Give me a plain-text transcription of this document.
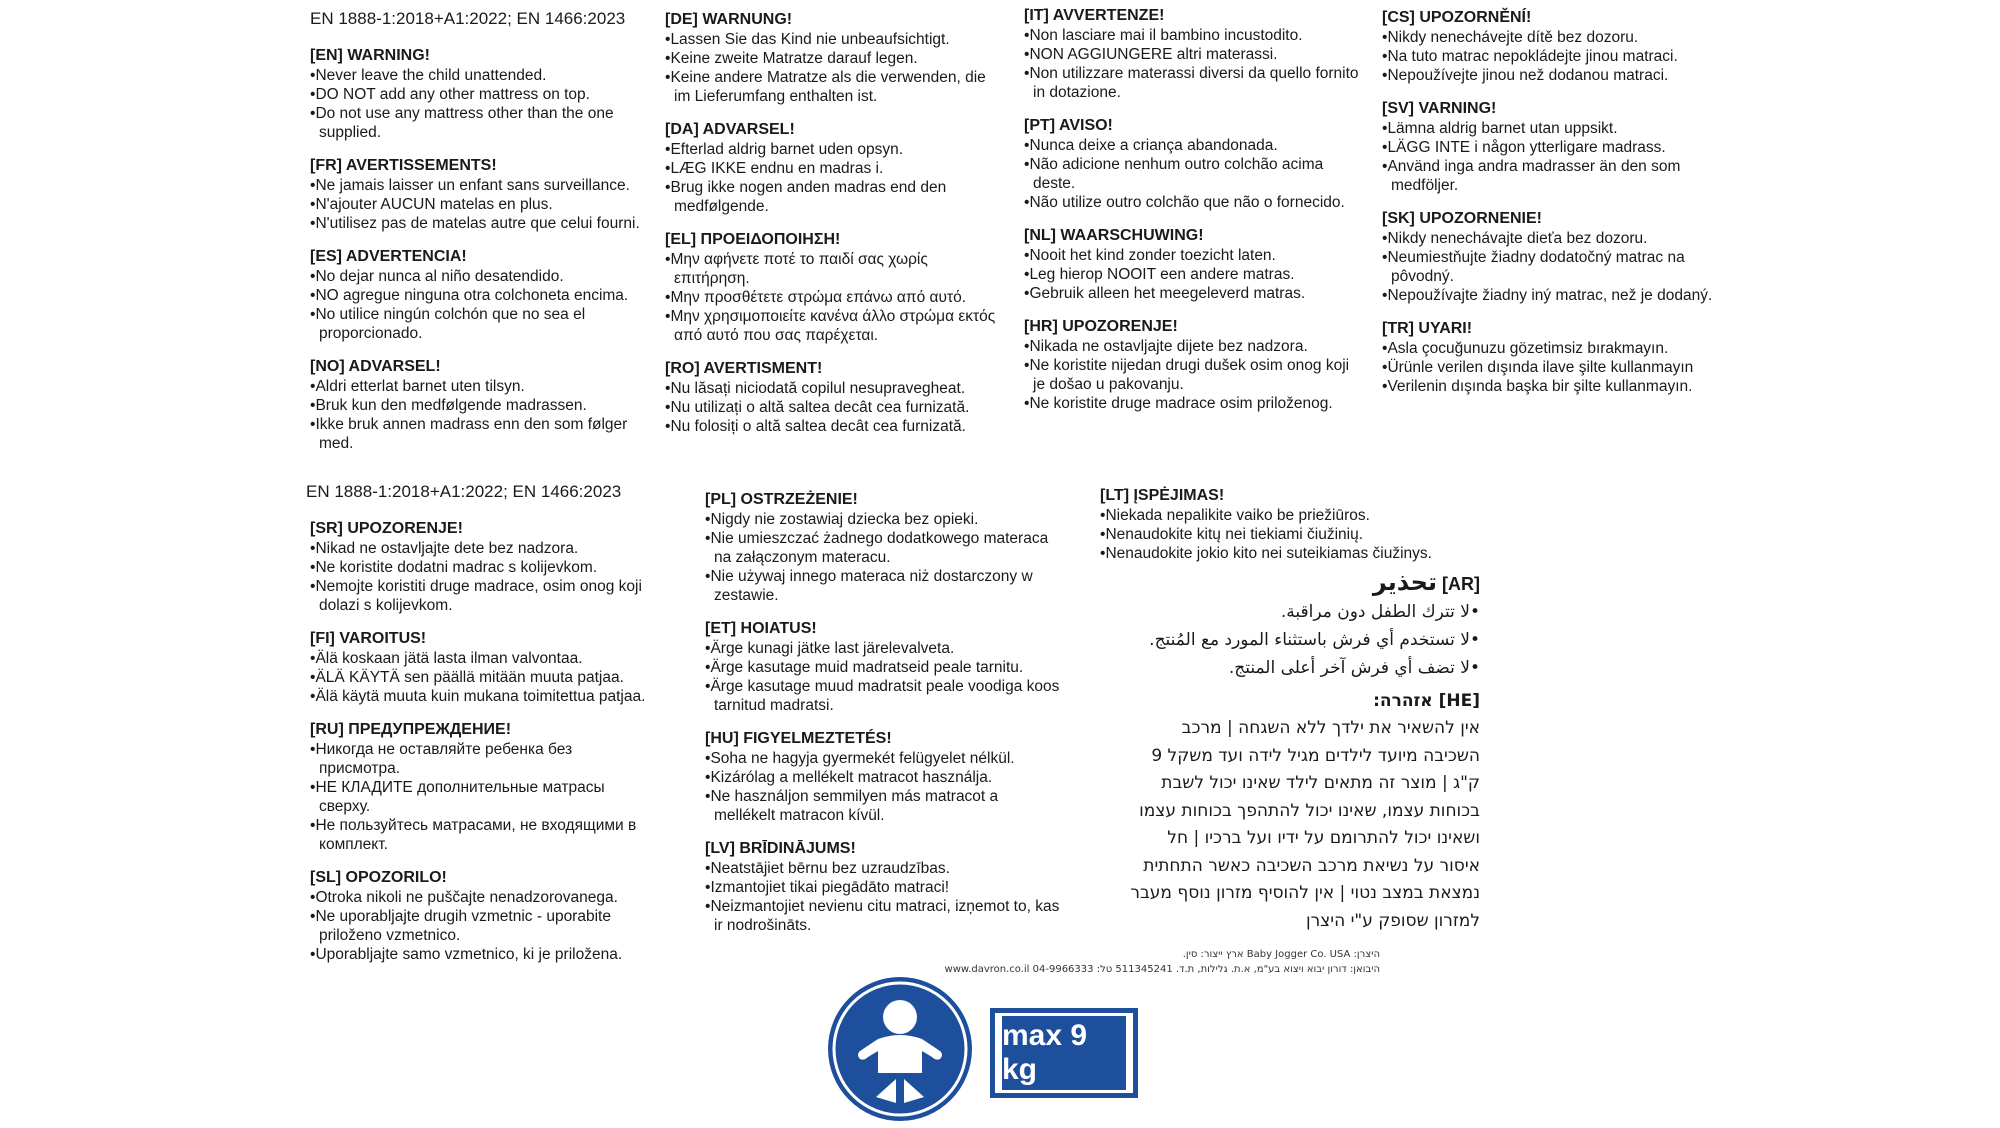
EN 1888-1:2018+A1:2022; EN 1466:2023
EN 1888-1:2018+A1:2022; EN 1466:2023
[EN] WARNING!
• Never leave the child unattended.
• DO NOT add any other mattress on top.
• Do not use any mattress other than the one supplied.
[FR] AVERTISSEMENTS!
• Ne jamais laisser un enfant sans surveillance.
• N'ajouter AUCUN matelas en plus.
• N'utilisez pas de matelas autre que celui fourni.
[ES] ADVERTENCIA!
• No dejar nunca al niño desatendido.
• NO agregue ninguna otra colchoneta encima.
• No utilice ningún colchón que no sea el proporcionado.
[NO] ADVARSEL!
• Aldri etterlat barnet uten tilsyn.
• Bruk kun den medfølgende madrassen.
• Ikke bruk annen madrass enn den som følger med.
[DE] WARNUNG!
• Lassen Sie das Kind nie unbeaufsichtigt.
• Keine zweite Matratze darauf legen.
• Keine andere Matratze als die verwenden, die im Lieferumfang enthalten ist.
[DA] ADVARSEL!
• Efterlad aldrig barnet uden opsyn.
• LÆG IKKE endnu en madras i.
• Brug ikke nogen anden madras end den medfølgende.
[EL] ΠΡΟΕΙΔΟΠΟΙΗΣΗ!
• Μην αφήνετε ποτέ το παιδί σας χωρίς επιτήρηση.
• Μην προσθέτετε στρώμα επάνω από αυτό.
• Μην χρησιμοποιείτε κανένα άλλο στρώμα εκτός από αυτό που σας παρέχεται.
[RO] AVERTISMENT!
• Nu lăsați niciodată copilul nesupravegheat.
• Nu utilizați o altă saltea decât cea furnizată.
• Nu folosiți o altă saltea decât cea furnizată.
[IT] AVVERTENZE!
• Non lasciare mai il bambino incustodito.
• NON AGGIUNGERE altri materassi.
• Non utilizzare materassi diversi da quello fornito in dotazione.
[PT] AVISO!
• Nunca deixe a criança abandonada.
• Não adicione nenhum outro colchão acima deste.
• Não utilize outro colchão que não o fornecido.
[NL] WAARSCHUWING!
• Nooit het kind zonder toezicht laten.
• Leg hierop NOOIT een andere matras.
• Gebruik alleen het meegeleverd matras.
[HR] UPOZORENJE!
• Nikada ne ostavljajte dijete bez nadzora.
• Ne koristite nijedan drugi dušek osim onog koji je došao u pakovanju.
• Ne koristite druge madrace osim priloženog.
[CS] UPOZORNĚNÍ!
• Nikdy nenechávejte dítě bez dozoru.
• Na tuto matrac nepokládejte jinou matraci.
• Nepoužívejte jinou než dodanou matraci.
[SV] VARNING!
• Lämna aldrig barnet utan uppsikt.
• LÄGG INTE i någon ytterligare madrass.
• Använd inga andra madrasser än den som medföljer.
[SK] UPOZORNENIE!
• Nikdy nenechávajte dieťa bez dozoru.
• Neumiestňujte žiadny dodatočný matrac na pôvodný.
• Nepoužívajte žiadny iný matrac, než je dodaný.
[TR] UYARI!
• Asla çocuğunuzu gözetimsiz bırakmayın.
• Ürünle verilen dışında ilave şilte kullanmayın
• Verilenin dışında başka bir şilte kullanmayın.
[SR] UPOZORENJE!
• Nikad ne ostavljajte dete bez nadzora.
• Ne koristite dodatni madrac s kolijevkom.
• Nemojte koristiti druge madrace, osim onog koji dolazi s kolijevkom.
[FI] VAROITUS!
• Älä koskaan jätä lasta ilman valvontaa.
• ÄLÄ KÄYTÄ sen päällä mitään muuta patjaa.
• Älä käytä muuta kuin mukana toimitettua patjaa.
[RU] ПРЕДУПРЕЖДЕНИЕ!
• Никогда не оставляйте ребенка без присмотра.
• НЕ КЛАДИТЕ дополнительные матрасы сверху.
• Не пользуйтесь матрасами, не входящими в комплект.
[SL] OPOZORILO!
• Otroka nikoli ne puščajte nenadzorovanega.
• Ne uporabljajte drugih vzmetnic - uporabite priloženo vzmetnico.
• Uporabljajte samo vzmetnico, ki je priložena.
[PL] OSTRZEŻENIE!
• Nigdy nie zostawiaj dziecka bez opieki.
• Nie umieszczać żadnego dodatkowego materaca na załączonym materacu.
• Nie używaj innego materaca niż dostarczony w zestawie.
[ET] HOIATUS!
• Ärge kunagi jätke last järelevalveta.
• Ärge kasutage muid madratseid peale tarnitu.
• Ärge kasutage muud madratsit peale voodiga koos tarnitud madratsi.
[HU] FIGYELMEZTETÉS!
• Soha ne hagyja gyermekét felügyelet nélkül.
• Kizárólag a mellékelt matracot használja.
• Ne használjon semmilyen más matracot a mellékelt matracon kívül.
[LV] BRĪDINĀJUMS!
• Neatstājiet bērnu bez uzraudzības.
• Izmantojiet tikai piegādāto matraci!
• Neizmantojiet nevienu citu matraci, izņemot to, kas ir nodrošināts.
[LT] ĮSPĖJIMAS!
• Niekada nepalikite vaiko be priežiūros.
• Nenaudokite kitų nei tiekiami čiužinių.
• Nenaudokite jokio kito nei suteikiamas čiužinys.
[AR] تحذير
• لا تترك الطفل دون مراقبة.
• لا تستخدم أي فرش باستثناء المورد مع المُنتج.
• لا تضف أي فرش آخر أعلى المنتج.
[HE] אזהרה:
אין להשאיר את ילדך ללא השגחה | מרכב
השכיבה מיועד לילדים מגיל לידה ועד משקל 9
ק"ג | מוצר זה מתאים לילד שאינו יכול לשבת
בכוחות עצמו, שאינו יכול להתהפך בכוחות עצמו
ושאינו יכול להתרומם על ידיו ועל ברכיו | חל
איסור על נשיאת מרכב השכיבה כאשר התחתית
נמצאת במצב נטוי | אין להוסיף מזרון נוסף מעבר
למזרון שסופק ע"י היצרן
היצרן: Baby Jogger Co. USA ארץ ייצור: סין.
היבואן: דורון יבוא ויצוא בע"מ, א.ת. גלילות, ת.ד. 511345241 טל: 04-9966333 www.davron.co.il
max 9 kg
